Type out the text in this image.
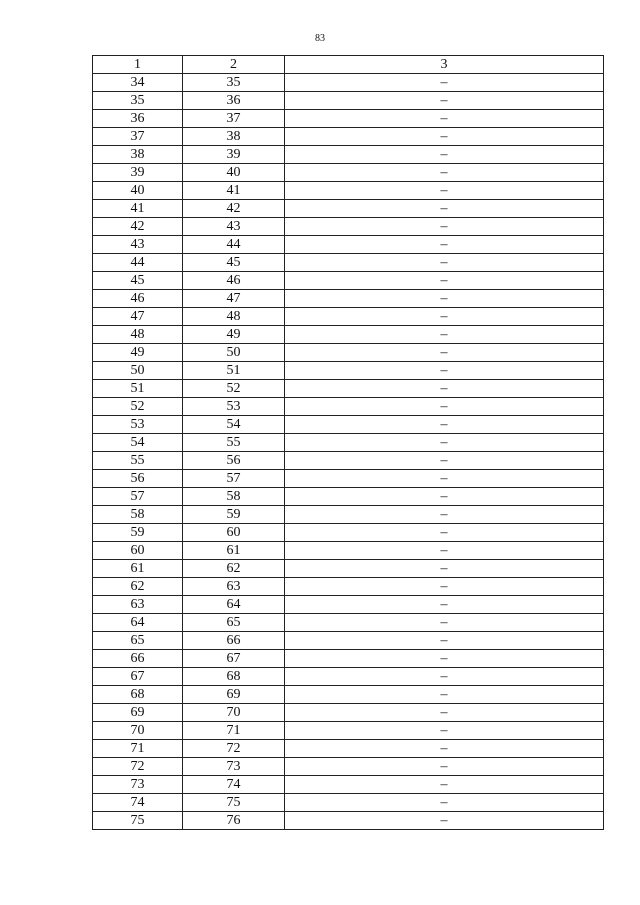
83
1	2	3
34	35	–
35	36	–
36	37	–
37	38	–
38	39	–
39	40	–
40	41	–
41	42	–
42	43	–
43	44	–
44	45	–
45	46	–
46	47	–
47	48	–
48	49	–
49	50	–
50	51	–
51	52	–
52	53	–
53	54	–
54	55	–
55	56	–
56	57	–
57	58	–
58	59	–
59	60	–
60	61	–
61	62	–
62	63	–
63	64	–
64	65	–
65	66	–
66	67	–
67	68	–
68	69	–
69	70	–
70	71	–
71	72	–
72	73	–
73	74	–
74	75	–
75	76	–
